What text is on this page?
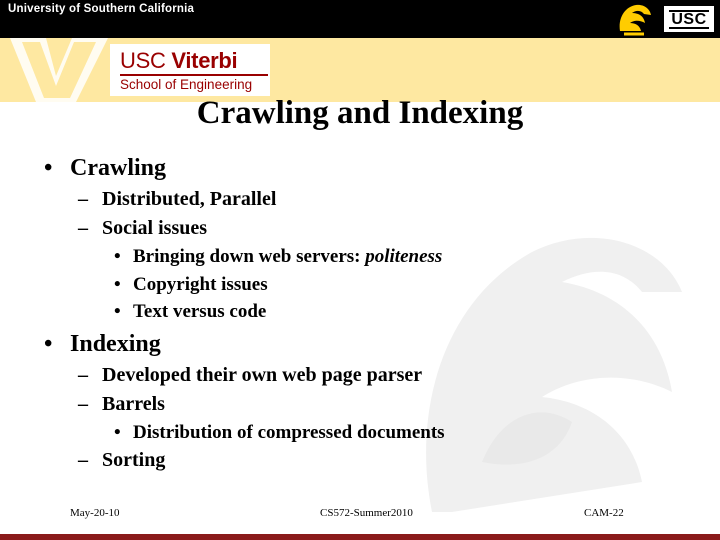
University of Southern California
USC
USC Viterbi
School of Engineering
Crawling and Indexing
• Crawling
– Distributed, Parallel
– Social issues
• Bringing down web servers: politeness
• Copyright issues
• Text versus code
• Indexing
– Developed their own web page parser
– Barrels
• Distribution of compressed documents
– Sorting
May-20-10	CS572-Summer2010	CAM-22
